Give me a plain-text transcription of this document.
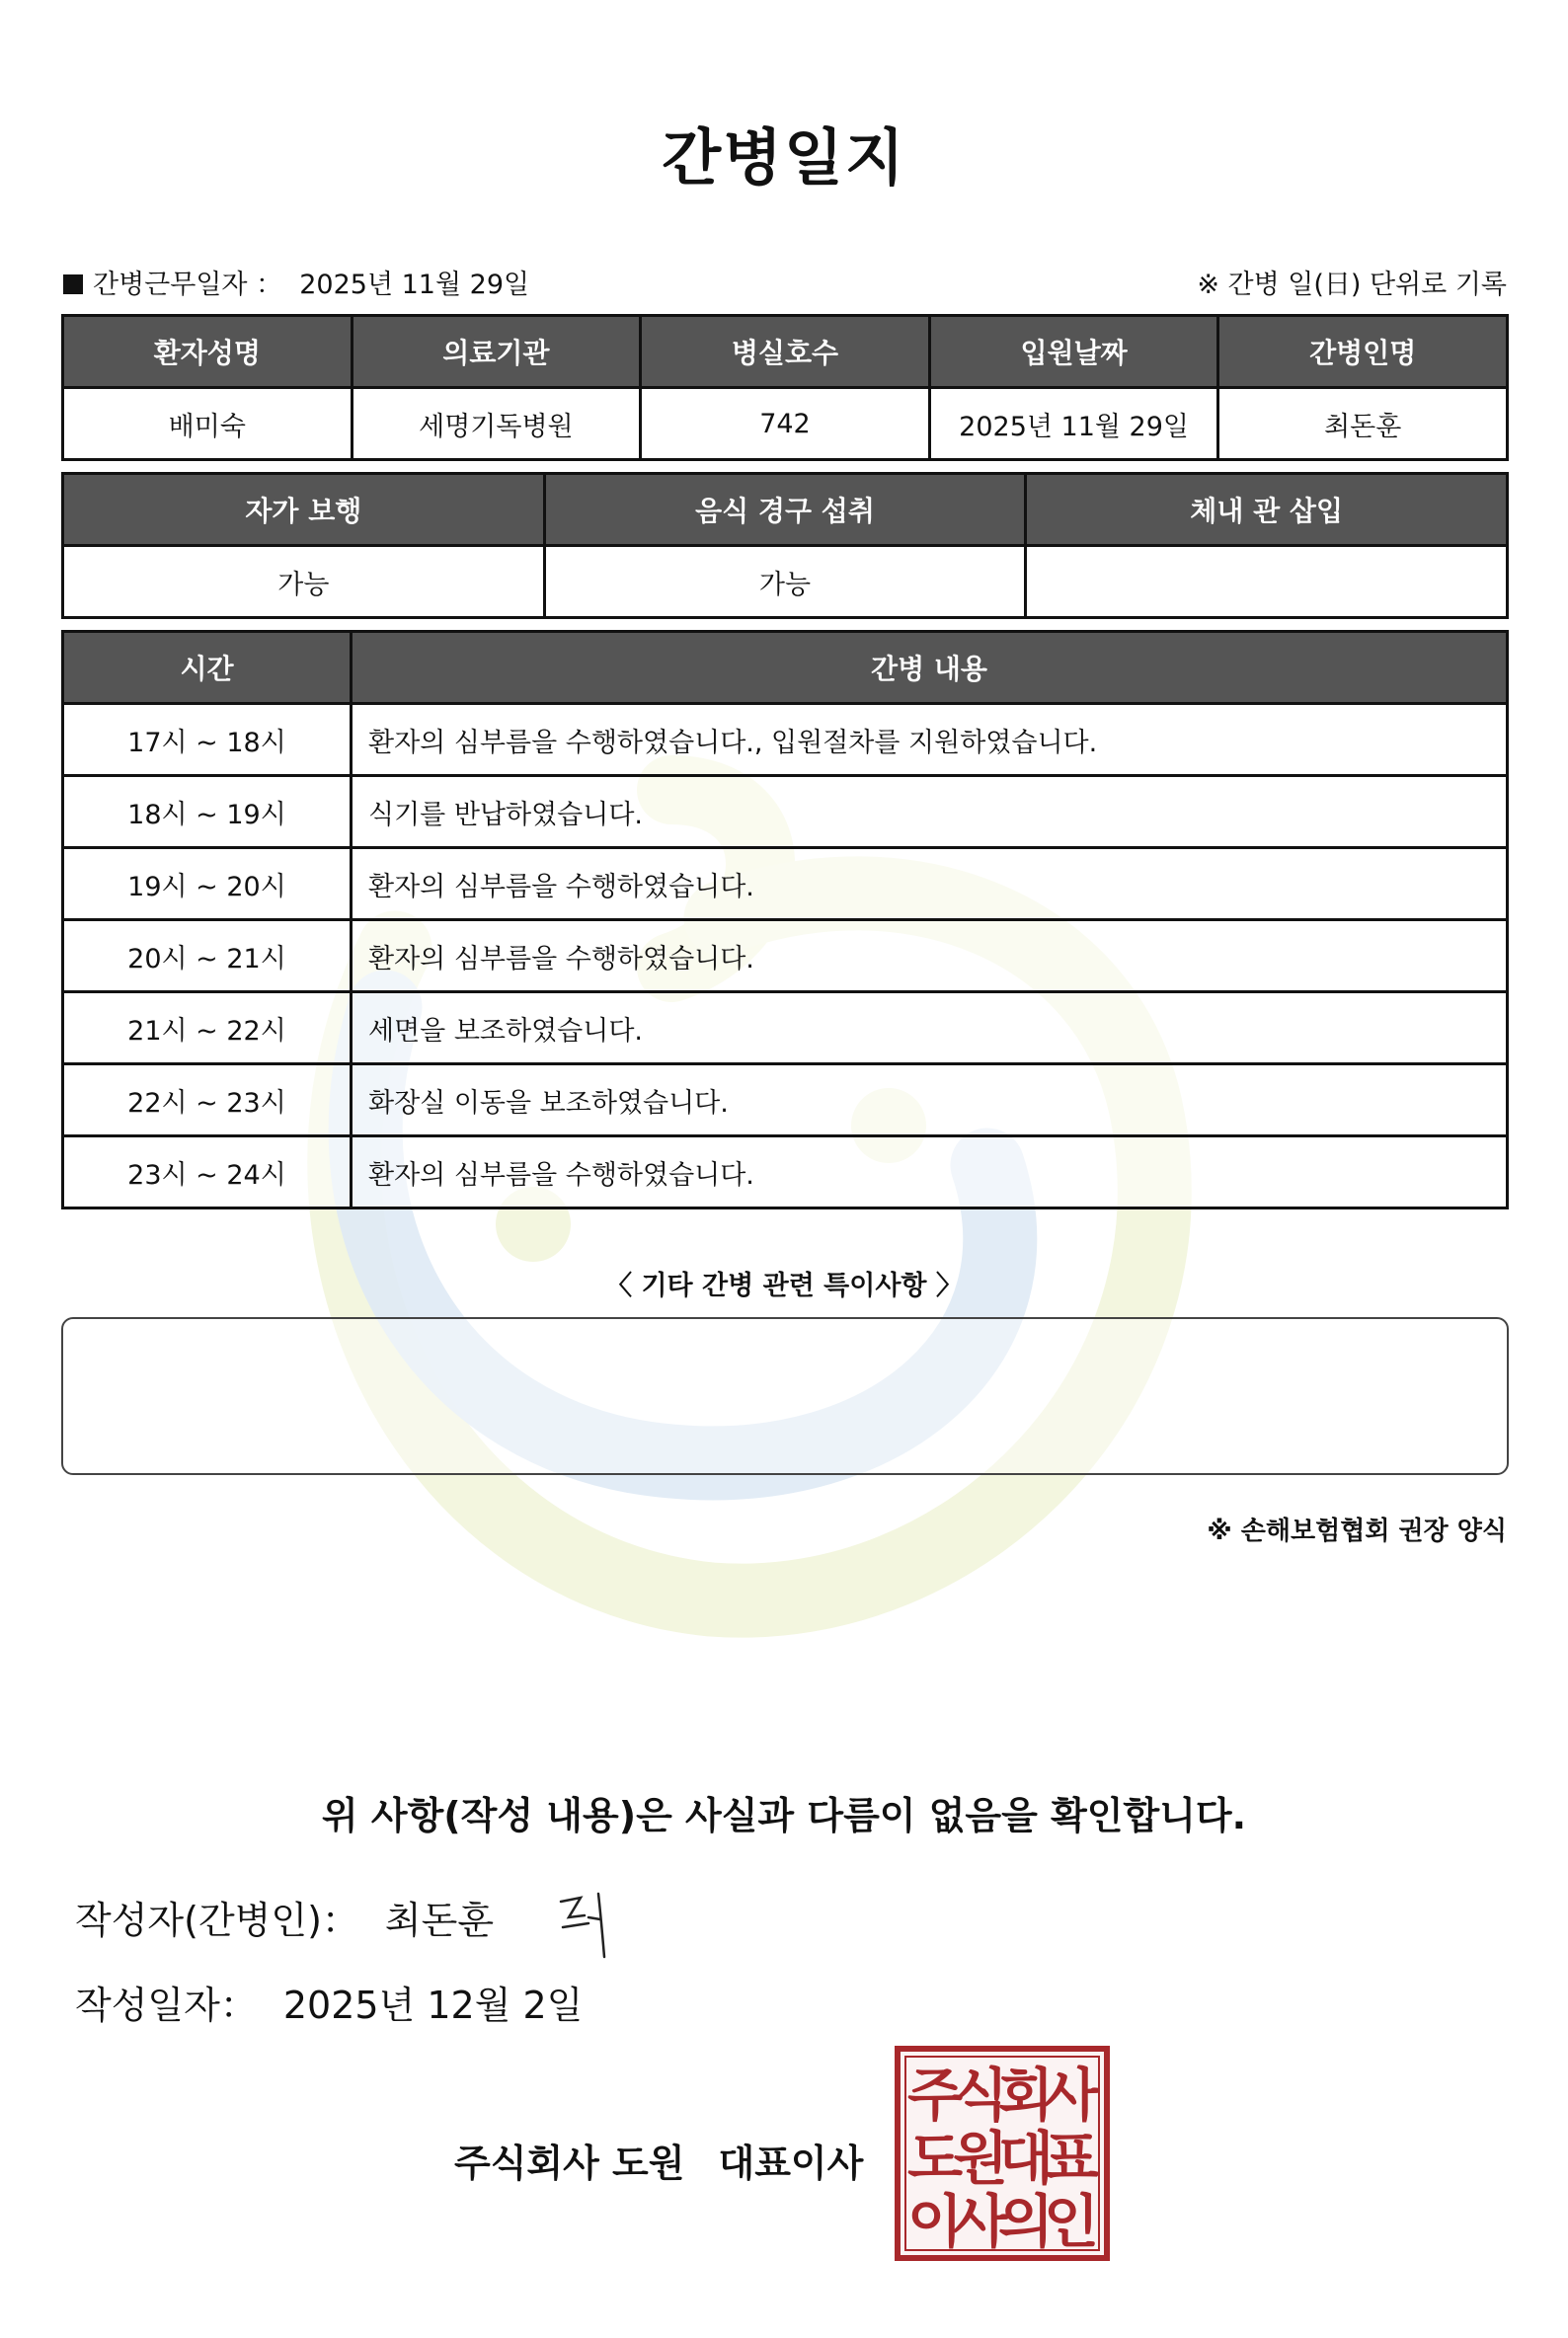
간병일지
간병근무일자 ： 2025년 11월 29일	※ 간병 일(日) 단위로 기록
환자성명	의료기관	병실호수	입원날짜	간병인명
배미숙	세명기독병원	742	2025년 11월 29일	최돈훈
자가 보행	음식 경구 섭취	체내 관 삽입
가능	가능	
시간	간병 내용
17시 ~ 18시	환자의 심부름을 수행하였습니다., 입원절차를 지원하였습니다.
18시 ~ 19시	식기를 반납하였습니다.
19시 ~ 20시	환자의 심부름을 수행하였습니다.
20시 ~ 21시	환자의 심부름을 수행하였습니다.
21시 ~ 22시	세면을 보조하였습니다.
22시 ~ 23시	화장실 이동을 보조하였습니다.
23시 ~ 24시	환자의 심부름을 수행하였습니다.
〈 기타 간병 관련 특이사항 〉
※ 손해보험협회 권장 양식
위 사항(작성 내용)은 사실과 다름이 없음을 확인합니다.
작성자(간병인)： 최돈훈
작성일자： 2025년 12월 2일
주식회사 도원 대표이사
주
식
회
사
도
원
대
표
이
사
의
인
